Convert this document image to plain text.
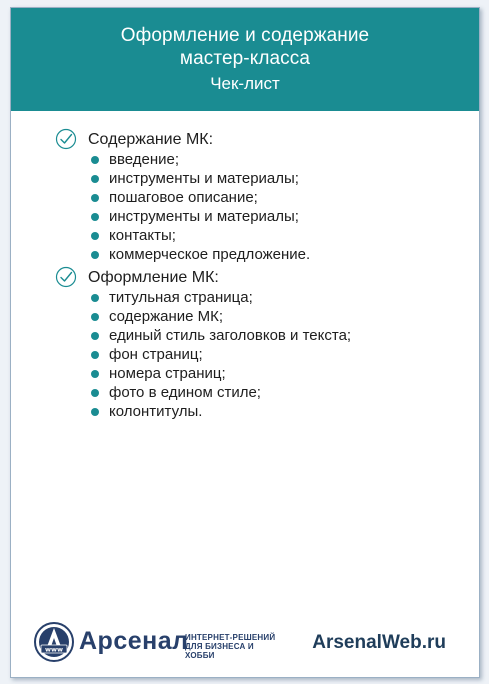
Оформление и содержание
мастер-класса
Чек-лист
Содержание МК:
введение;
инструменты и материалы;
пошаговое описание;
инструменты и материалы;
контакты;
коммерческое предложение.
Оформление МК:
титульная страница;
содержание МК;
единый стиль заголовков и текста;
фон страниц;
номера страниц;
фото в едином стиле;
колонтитулы.
www Арсенал
ИНТЕРНЕТ-РЕШЕНИЙ
ДЛЯ БИЗНЕСА И ХОББИ
ArsenalWeb.ru
